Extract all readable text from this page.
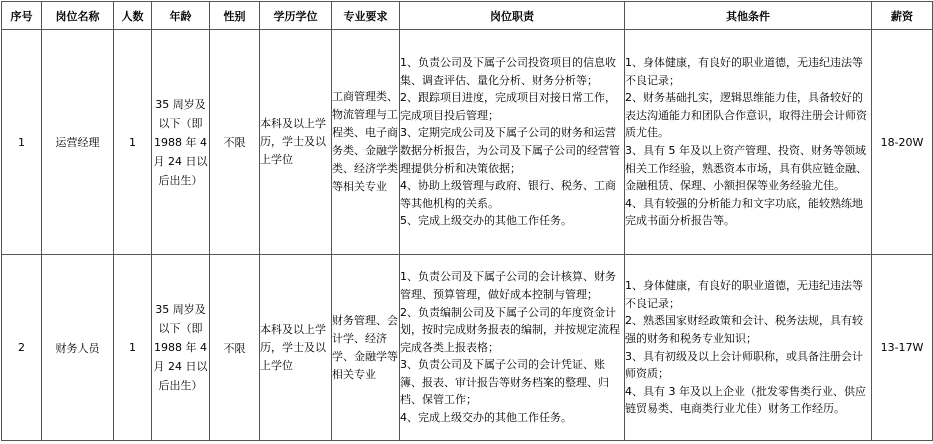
序号	岗位名称	人数	年龄	性别	学历学位	专业要求	岗位职责	其他条件	薪资
1	运营经理	1	35 周岁及以下（即 1988 年 4 月 24 日以后出生）	不限	本科及以上学历，学士及以上学位	工商管理类、物流管理与工程类、电子商务类、金融学类、经济学类等相关专业	1、负责公司及下属子公司投资项目的信息收集、调查评估、量化分析、财务分析等；
2、跟踪项目进度，完成项目对接日常工作，完成项目投后管理；
3、定期完成公司及下属子公司的财务和运营数据分析报告，为公司及下属子公司的经营管理提供分析和决策依据；
4、协助上级管理与政府、银行、税务、工商等其他机构的关系。
5、完成上级交办的其他工作任务。	1、身体健康，有良好的职业道德，无违纪违法等不良记录；
2、财务基础扎实，逻辑思维能力佳，具备较好的表达沟通能力和团队合作意识，取得注册会计师资质尤佳。
3、具有 5 年及以上资产管理、投资、财务等领域相关工作经验，熟悉资本市场，具有供应链金融、金融租赁、保理、小额担保等业务经验尤佳。
4、具有较强的分析能力和文字功底，能较熟练地完成书面分析报告等。	18-20W
2	财务人员	1	35 周岁及以下（即 1988 年 4 月 24 日以后出生）	不限	本科及以上学历，学士及以上学位	财务管理、会计学、经济学、金融学等相关专业	1、负责公司及下属子公司的会计核算、财务管理、预算管理，做好成本控制与管理；
2、负责编制公司及下属子公司的年度资金计划，按时完成财务报表的编制，并按规定流程完成各类上报表格；
3、负责公司及下属子公司的会计凭证、账簿、报表、审计报告等财务档案的整理、归档、保管工作；
4、完成上级交办的其他工作任务。	1、身体健康，有良好的职业道德，无违纪违法等不良记录；
2、熟悉国家财经政策和会计、税务法规，具有较强的财务和税务专业知识；
3、具有初级及以上会计师职称，或具备注册会计师资质；
4、具有 3 年及以上企业（批发零售类行业、供应链贸易类、电商类行业尤佳）财务工作经历。	13-17W
